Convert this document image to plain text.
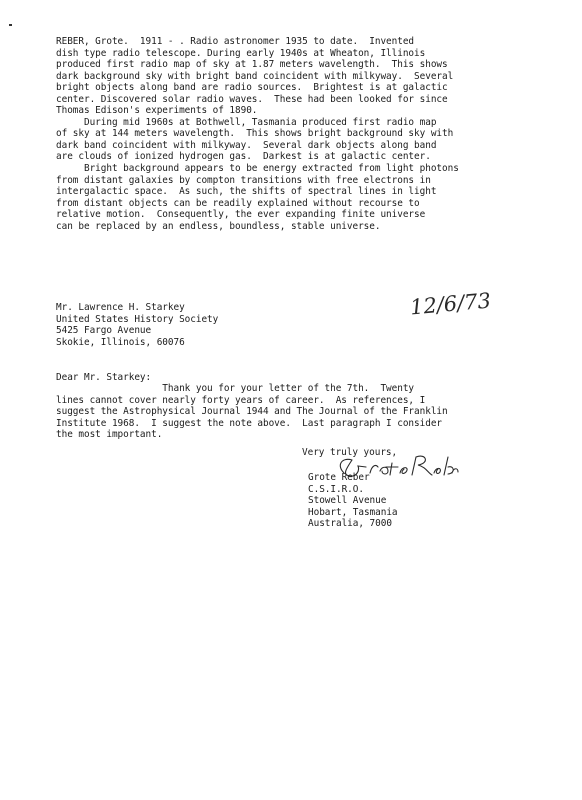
REBER, Grote.  1911 - . Radio astronomer 1935 to date.  Invented
dish type radio telescope. During early 1940s at Wheaton, Illinois
produced first radio map of sky at 1.87 meters wavelength.  This shows
dark background sky with bright band coincident with milkyway.  Several
bright objects along band are radio sources.  Brightest is at galactic
center. Discovered solar radio waves.  These had been looked for since
Thomas Edison's experiments of 1890.
During mid 1960s at Bothwell, Tasmania produced first radio map
of sky at 144 meters wavelength.  This shows bright background sky with
dark band coincident with milkyway.  Several dark objects along band
are clouds of ionized hydrogen gas.  Darkest is at galactic center.
Bright background appears to be energy extracted from light photons
from distant galaxies by compton transitions with free electrons in
intergalactic space.  As such, the shifts of spectral lines in light
from distant objects can be readily explained without recourse to
relative motion.  Consequently, the ever expanding finite universe
can be replaced by an endless, boundless, stable universe.
Mr. Lawrence H. Starkey
United States History Society
5425 Fargo Avenue
Skokie, Illinois, 60076
12/6/73
Dear Mr. Starkey:
Thank you for your letter of the 7th.  Twenty
lines cannot cover nearly forty years of career.  As references, I
suggest the Astrophysical Journal 1944 and The Journal of the Franklin
Institute 1968.  I suggest the note above.  Last paragraph I consider
the most important.
Very truly yours,
Grote Reber
C.S.I.R.O.
Stowell Avenue
Hobart, Tasmania
Australia, 7000
